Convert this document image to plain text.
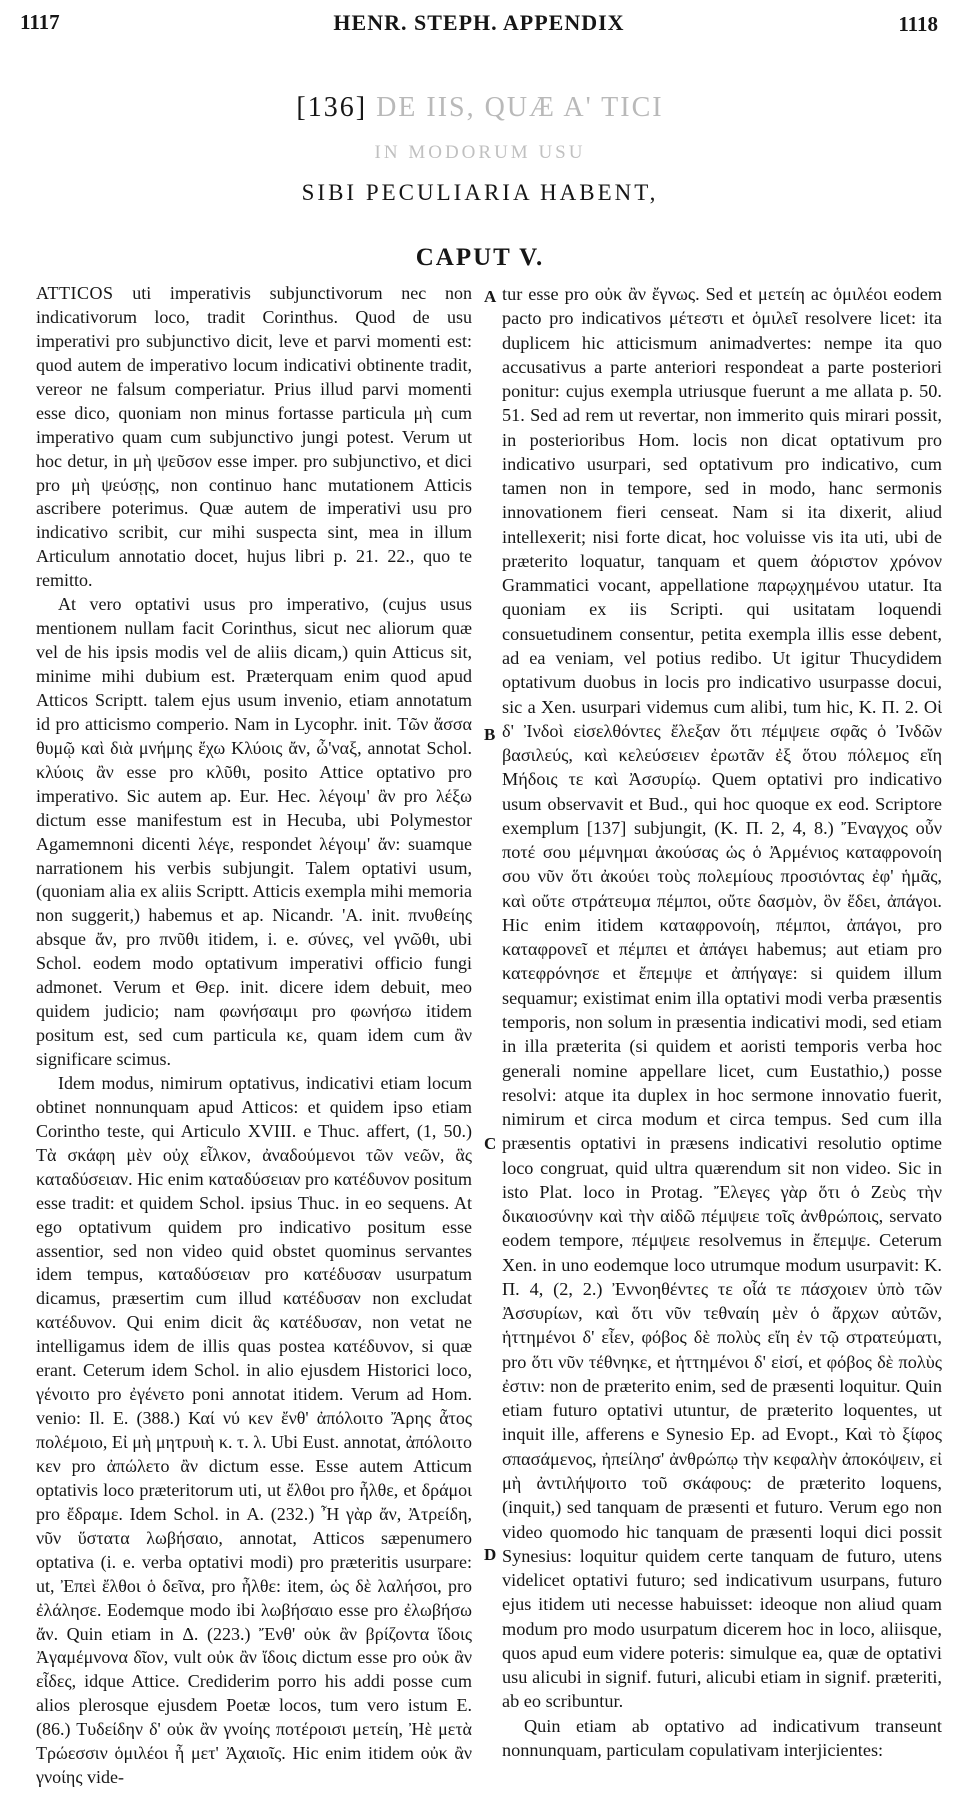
1117	HENR. STEPH. APPENDIX	1118
[136] DE IIS, QUÆ A' TICI
IN MODORUM USU
SIBI PECULIARIA HABENT,
CAPUT V.

ATTICOS uti imperativis subjunctivorum nec non indicativorum loco, tradit Corinthus. Quod de usu imperativi pro subjunctivo dicit, leve et parvi momenti est: quod autem de imperativo locum indicativi obtinente tradit, vereor ne falsum comperiatur. Prius illud parvi momenti esse dico, quoniam non minus fortasse particula μὴ cum imperativo quam cum subjunctivo jungi potest. Verum ut hoc detur, in μὴ ψεῦσον esse imper. pro subjunctivo, et dici pro μὴ ψεύσῃς, non continuo hanc mutationem Atticis ascribere poterimus. Quæ autem de imperativi usu pro indicativo scribit, cur mihi suspecta sint, mea in illum Articulum annotatio docet, hujus libri p. 21. 22., quo te remitto.

At vero optativi usus pro imperativo, (cujus usus mentionem nullam facit Corinthus, sicut nec aliorum quæ vel de his ipsis modis vel de aliis dicam,) quin Atticus sit, minime mihi dubium est. Præterquam enim quod apud Atticos Scriptt. talem ejus usum invenio, etiam annotatum id pro atticismo comperio. Nam in Lycophr. init. Τῶν ἄσσα θυμῷ καὶ διὰ μνήμης ἔχω Κλύοις ἄν, ὦ'ναξ, annotat Schol. κλύοις ἂν esse pro κλῦθι, posito Attice optativo pro imperativo. Sic autem ap. Eur. Hec. λέγοιμ' ἂν pro λέξω dictum esse manifestum est in Hecuba, ubi Polymestor Agamemnoni dicenti λέγε, respondet λέγοιμ' ἄν: suamque narrationem his verbis subjungit. Talem optativi usum, (quoniam alia ex aliis Scriptt. Atticis exempla mihi memoria non suggerit,) habemus et ap. Nicandr. 'Α. init. πνυθείης absque ἄν, pro πνῦθι itidem, i. e. σύνες, vel γνῶθι, ubi Schol. eodem modo optativum imperativi officio fungi admonet. Verum et Θερ. init. dicere idem debuit, meo quidem judicio; nam φωνήσαιμι pro φωνήσω itidem positum est, sed cum particula κε, quam idem cum ἂν significare scimus.

Idem modus, nimirum optativus, indicativi etiam locum obtinet nonnunquam apud Atticos: et quidem ipso etiam Corintho teste, qui Articulo XVIII. e Thuc. affert, (1, 50.) Τὰ σκάφη μὲν οὐχ εἷλκον, ἀναδούμενοι τῶν νεῶν, ἃς καταδύσειαν. Hic enim καταδύσειαν pro κατέδυνον positum esse tradit: et quidem Schol. ipsius Thuc. in eo sequens. At ego optativum quidem pro indicativo positum esse assentior, sed non video quid obstet quominus servantes idem tempus, καταδύσειαν pro κατέδυσαν usurpatum dicamus, præsertim cum illud κατέδυσαν non excludat κατέδυνον. Qui enim dicit ἃς κατέδυσαν, non vetat ne intelligamus idem de illis quas postea κατέδυνον, si quæ erant. Ceterum idem Schol. in alio ejusdem Historici loco, γένοιτο pro ἐγένετο poni annotat itidem. Verum ad Hom. venio: Il. Ε. (388.) Καί νύ κεν ἔνθ' ἀπόλοιτο Ἄρης ἆτος πολέμοιο, Εἰ μὴ μητρυιὴ κ. τ. λ. Ubi Eust. annotat, ἀπόλοιτο κεν pro ἀπώλετο ἂν dictum esse. Esse autem Atticum optativis loco præteritorum uti, ut ἔλθοι pro ἦλθε, et δράμοι pro ἔδραμε. Idem Schol. in Α. (232.) Ἦ γὰρ ἄν, Ἀτρείδη, νῦν ὕστατα λωβήσαιο, annotat, Atticos sæpenumero optativa (i. e. verba optativi modi) pro præteritis usurpare: ut, Ἐπεὶ ἔλθοι ὁ δεῖνα, pro ἦλθε: item, ὡς δὲ λαλήσοι, pro ἐλάλησε. Eodemque modo ibi λωβήσαιο esse pro ἐλωβήσω ἄν. Quin etiam in Δ. (223.) Ἔνθ' οὐκ ἂν βρίζοντα ἴδοις Ἀγαμέμνονα δῖον, vult οὐκ ἂν ἴδοις dictum esse pro οὐκ ἂν εἶδες, idque Attice. Crediderim porro his addi posse cum alios plerosque ejusdem Poetæ locos, tum vero istum Ε. (86.) Τυδείδην δ' οὐκ ἂν γνοίης ποτέροισι μετείη, Ἠὲ μετὰ Τρώεσσιν ὁμιλέοι ἦ μετ' Ἀχαιοῖς. Hic enim itidem οὐκ ἂν γνοίης vide-

A
B
C
D

tur esse pro οὐκ ἂν ἔγνως. Sed et μετείη ac ὁμιλέοι eodem pacto pro indicativos μέτεστι et ὁμιλεῖ resolvere licet: ita duplicem hic atticismum animadvertes: nempe ita quo accusativus a parte anteriori respondeat a parte posteriori ponitur: cujus exempla utriusque fuerunt a me allata p. 50. 51. Sed ad rem ut revertar, non immerito quis mirari possit, in posterioribus Hom. locis non dicat optativum pro indicativo usurpari, sed optativum pro indicativo, cum tamen non in tempore, sed in modo, hanc sermonis innovationem fieri censeat. Nam si ita dixerit, aliud intellexerit; nisi forte dicat, hoc voluisse vis ita uti, ubi de præterito loquatur, tanquam et quem ἀόριστον χρόνον Grammatici vocant, appellatione παρῳχημένου utatur. Ita quoniam ex iis Scripti. qui usitatam loquendi consuetudinem consentur, petita exempla illis esse debent, ad ea veniam, vel potius redibo. Ut igitur Thucydidem optativum duobus in locis pro indicativo usurpasse docui, sic a Xen. usurpari videmus cum alibi, tum hic, Κ. Π. 2. Οἱ δ' Ἰνδοὶ εἰσελθόντες ἔλεξαν ὅτι πέμψειε σφᾶς ὁ Ἰνδῶν βασιλεύς, καὶ κελεύσειεν ἐρωτᾶν ἐξ ὅτου πόλεμος εἴη Μήδοις τε καὶ Ἀσσυρίῳ. Quem optativi pro indicativo usum observavit et Bud., qui hoc quoque ex eod. Scriptore exemplum [137] subjungit, (Κ. Π. 2, 4, 8.) Ἔναγχος οὖν ποτέ σου μέμνημαι ἀκούσας ὡς ὁ Ἀρμένιος καταφρονοίη σου νῦν ὅτι ἀκούει τοὺς πολεμίους προσιόντας ἐφ' ἡμᾶς, καὶ οὔτε στράτευμα πέμποι, οὔτε δασμὸν, ὃν ἔδει, ἀπάγοι. Hic enim itidem καταφρονοίη, πέμποι, ἀπάγοι, pro καταφρονεῖ et πέμπει et ἀπάγει habemus; aut etiam pro κατεφρόνησε et ἔπεμψε et ἀπήγαγε: si quidem illum sequamur; existimat enim illa optativi modi verba præsentis temporis, non solum in præsentia indicativi modi, sed etiam in illa præterita (si quidem et aoristi temporis verba hoc generali nomine appellare licet, cum Eustathio,) posse resolvi: atque ita duplex in hoc sermone innovatio fuerit, nimirum et circa modum et circa tempus. Sed cum illa præsentis optativi in præsens indicativi resolutio optime loco congruat, quid ultra quærendum sit non video. Sic in isto Plat. loco in Protag. Ἔλεγες γὰρ ὅτι ὁ Ζεὺς τὴν δικαιοσύνην καὶ τὴν αἰδῶ πέμψειε τοῖς ἀνθρώποις, servato eodem tempore, πέμψειε resolvemus in ἔπεμψε. Ceterum Xen. in uno eodemque loco utrumque modum usurpavit: Κ. Π. 4, (2, 2.) Ἐννοηθέντες τε οἷά τε πάσχοιεν ὑπὸ τῶν Ἀσσυρίων, καὶ ὅτι νῦν τεθναίη μὲν ὁ ἄρχων αὐτῶν, ἡττημένοι δ' εἶεν, φόβος δὲ πολὺς εἴη ἐν τῷ στρατεύματι, pro ὅτι νῦν τέθνηκε, et ἡττημένοι δ' εἰσί, et φόβος δὲ πολὺς ἐστιν: non de præterito enim, sed de præsenti loquitur. Quin etiam futuro optativi utuntur, de præterito loquentes, ut inquit ille, afferens e Synesio Ep. ad Evopt., Καὶ τὸ ξίφος σπασάμενος, ἠπείλησ' ἀνθρώπῳ τὴν κεφαλὴν ἀποκόψειν, εἰ μὴ ἀντιλήψοιτο τοῦ σκάφους: de præterito loquens, (inquit,) sed tanquam de præsenti et futuro. Verum ego non video quomodo hic tanquam de præsenti loqui dici possit Synesius: loquitur quidem certe tanquam de futuro, utens videlicet optativi futuro; sed indicativum usurpans, futuro ejus itidem uti necesse habuisset: ideoque non aliud quam modum pro modo usurpatum dicerem hoc in loco, aliisque, quos apud eum videre poteris: simulque ea, quæ de optativi usu alicubi in signif. futuri, alicubi etiam in signif. præteriti, ab eo scribuntur.

Quin etiam ab optativo ad indicativum transeunt nonnunquam, particulam copulativam interjicientes:
